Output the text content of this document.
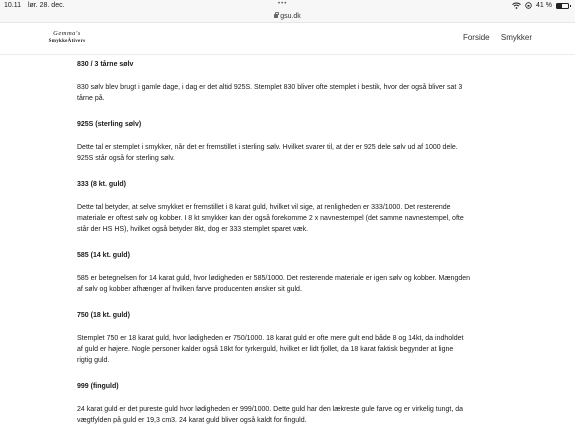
10.11 lør. 28. dec.	•••	41 %
gsu.dk
Gemma's
SmykkeÄtivers	Forside Smykker
830 / 3 tårne sølv

830 sølv blev brugt i gamle dage, i dag er det altid 925S. Stemplet 830 bliver ofte stemplet i bestik, hvor der også bliver sat 3
tårne på.

925S (sterling sølv)

Dette tal er stemplet i smykker, når det er fremstillet i sterling sølv. Hvilket svarer til, at der er 925 dele sølv ud af 1000 dele.
925S står også for sterling sølv.

333 (8 kt. guld)

Dette tal betyder, at selve smykket er fremstillet i 8 karat guld, hvilket vil sige, at renligheden er 333/1000. Det resterende
materiale er oftest sølv og kobber. I 8 kt smykker kan der også forekomme 2 x navnestempel (det samme navnestempel, ofte
står der HS HS), hvilket også betyder 8kt, dog er 333 stemplet sparet væk.

585 (14 kt. guld)

585 er betegnelsen for 14 karat guld, hvor lødigheden er 585/1000. Det resterende materiale er igen sølv og kobber. Mængden
af sølv og kobber afhænger af hvilken farve producenten ønsker sit guld.

750 (18 kt. guld)

Stemplet 750 er 18 karat guld, hvor lødigheden er 750/1000. 18 karat guld er ofte mere gult end både 8 og 14kt, da indholdet
af guld er højere. Nogle personer kalder også 18kt for tyrkerguld, hvilket er lidt fjollet, da 18 karat faktisk begynder at ligne
rigtig guld.

999 (finguld)

24 karat guld er det pureste guld hvor lødigheden er 999/1000. Dette guld har den lækreste gule farve og er virkelig tungt, da
vægtfylden på guld er 19,3 cm3. 24 karat guld bliver også kaldt for finguld.
